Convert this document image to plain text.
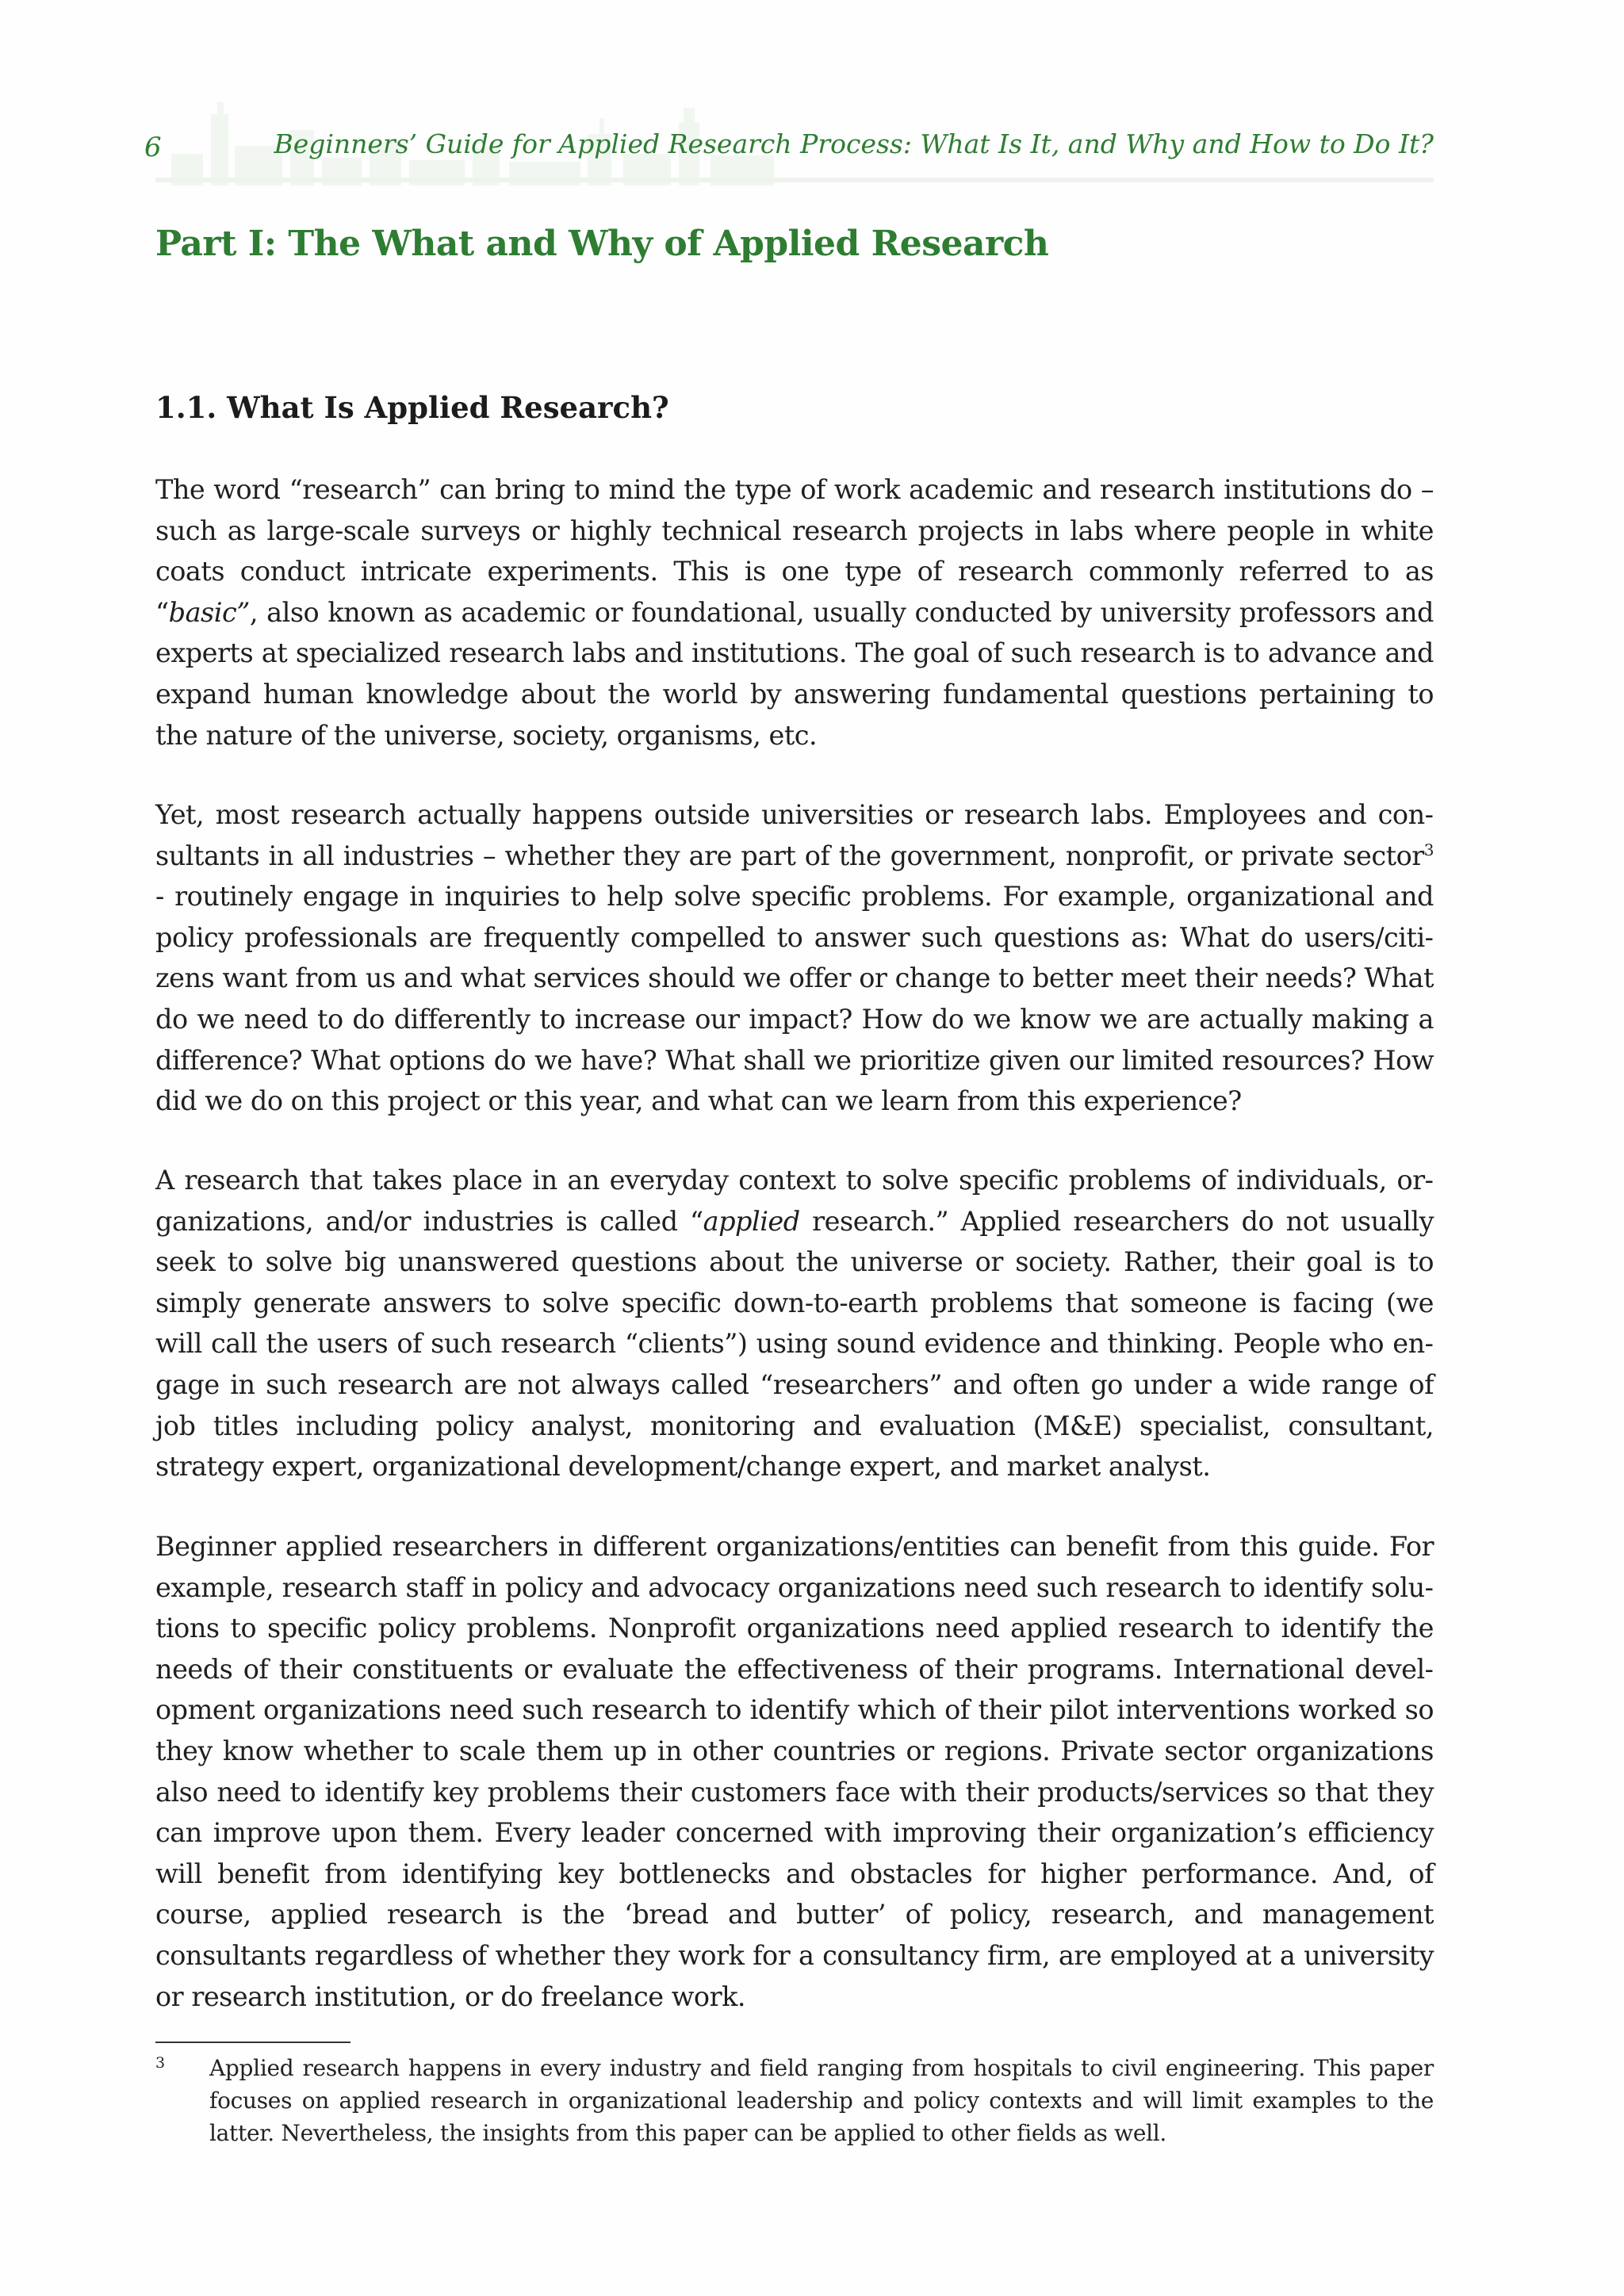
6	Beginners’ Guide for Applied Research Process: What Is It, and Why and How to Do It?
Part I: The What and Why of Applied Research
1.1. What Is Applied Research?

The word “research” can bring to mind the type of work academic and research institutions do – such as large-scale surveys or highly technical research projects in labs where people in white coats conduct intricate experiments. This is one type of research commonly referred to as “basic”, also known as academic or foundational, usually conducted by university professors and experts at specialized research labs and institutions. The goal of such research is to advance and expand human knowledge about the world by answering fundamental questions pertaining to the nature of the universe, society, organisms, etc.

Yet, most research actually happens outside universities or research labs. Employees and consultants in all industries – whether they are part of the government, nonprofit, or private sector$^3$ - routinely engage in inquiries to help solve specific problems. For example, organizational and policy professionals are frequently compelled to answer such questions as: What do users/citizens want from us and what services should we offer or change to better meet their needs? What do we need to do differently to increase our impact? How do we know we are actually making a difference? What options do we have? What shall we prioritize given our limited resources? How did we do on this project or this year, and what can we learn from this experience?

A research that takes place in an everyday context to solve specific problems of individuals, organizations, and/or industries is called “applied research.” Applied researchers do not usually seek to solve big unanswered questions about the universe or society. Rather, their goal is to simply generate answers to solve specific down-to-earth problems that someone is facing (we will call the users of such research “clients”) using sound evidence and thinking. People who engage in such research are not always called “researchers” and often go under a wide range of job titles including policy analyst, monitoring and evaluation (M&E) specialist, consultant, strategy expert, organizational development/change expert, and market analyst.

Beginner applied researchers in different organizations/entities can benefit from this guide. For example, research staff in policy and advocacy organizations need such research to identify solutions to specific policy problems. Nonprofit organizations need applied research to identify the needs of their constituents or evaluate the effectiveness of their programs. International development organizations need such research to identify which of their pilot interventions worked so they know whether to scale them up in other countries or regions. Private sector organizations also need to identify key problems their customers face with their products/services so that they can improve upon them. Every leader concerned with improving their organization’s efficiency will benefit from identifying key bottlenecks and obstacles for higher performance. And, of course, applied research is the ‘bread and butter’ of policy, research, and management consultants regardless of whether they work for a consultancy firm, are employed at a university or research institution, or do freelance work.

3 Applied research happens in every industry and field ranging from hospitals to civil engineering. This paper focuses on applied research in organizational leadership and policy contexts and will limit examples to the latter. Nevertheless, the insights from this paper can be applied to other fields as well.
